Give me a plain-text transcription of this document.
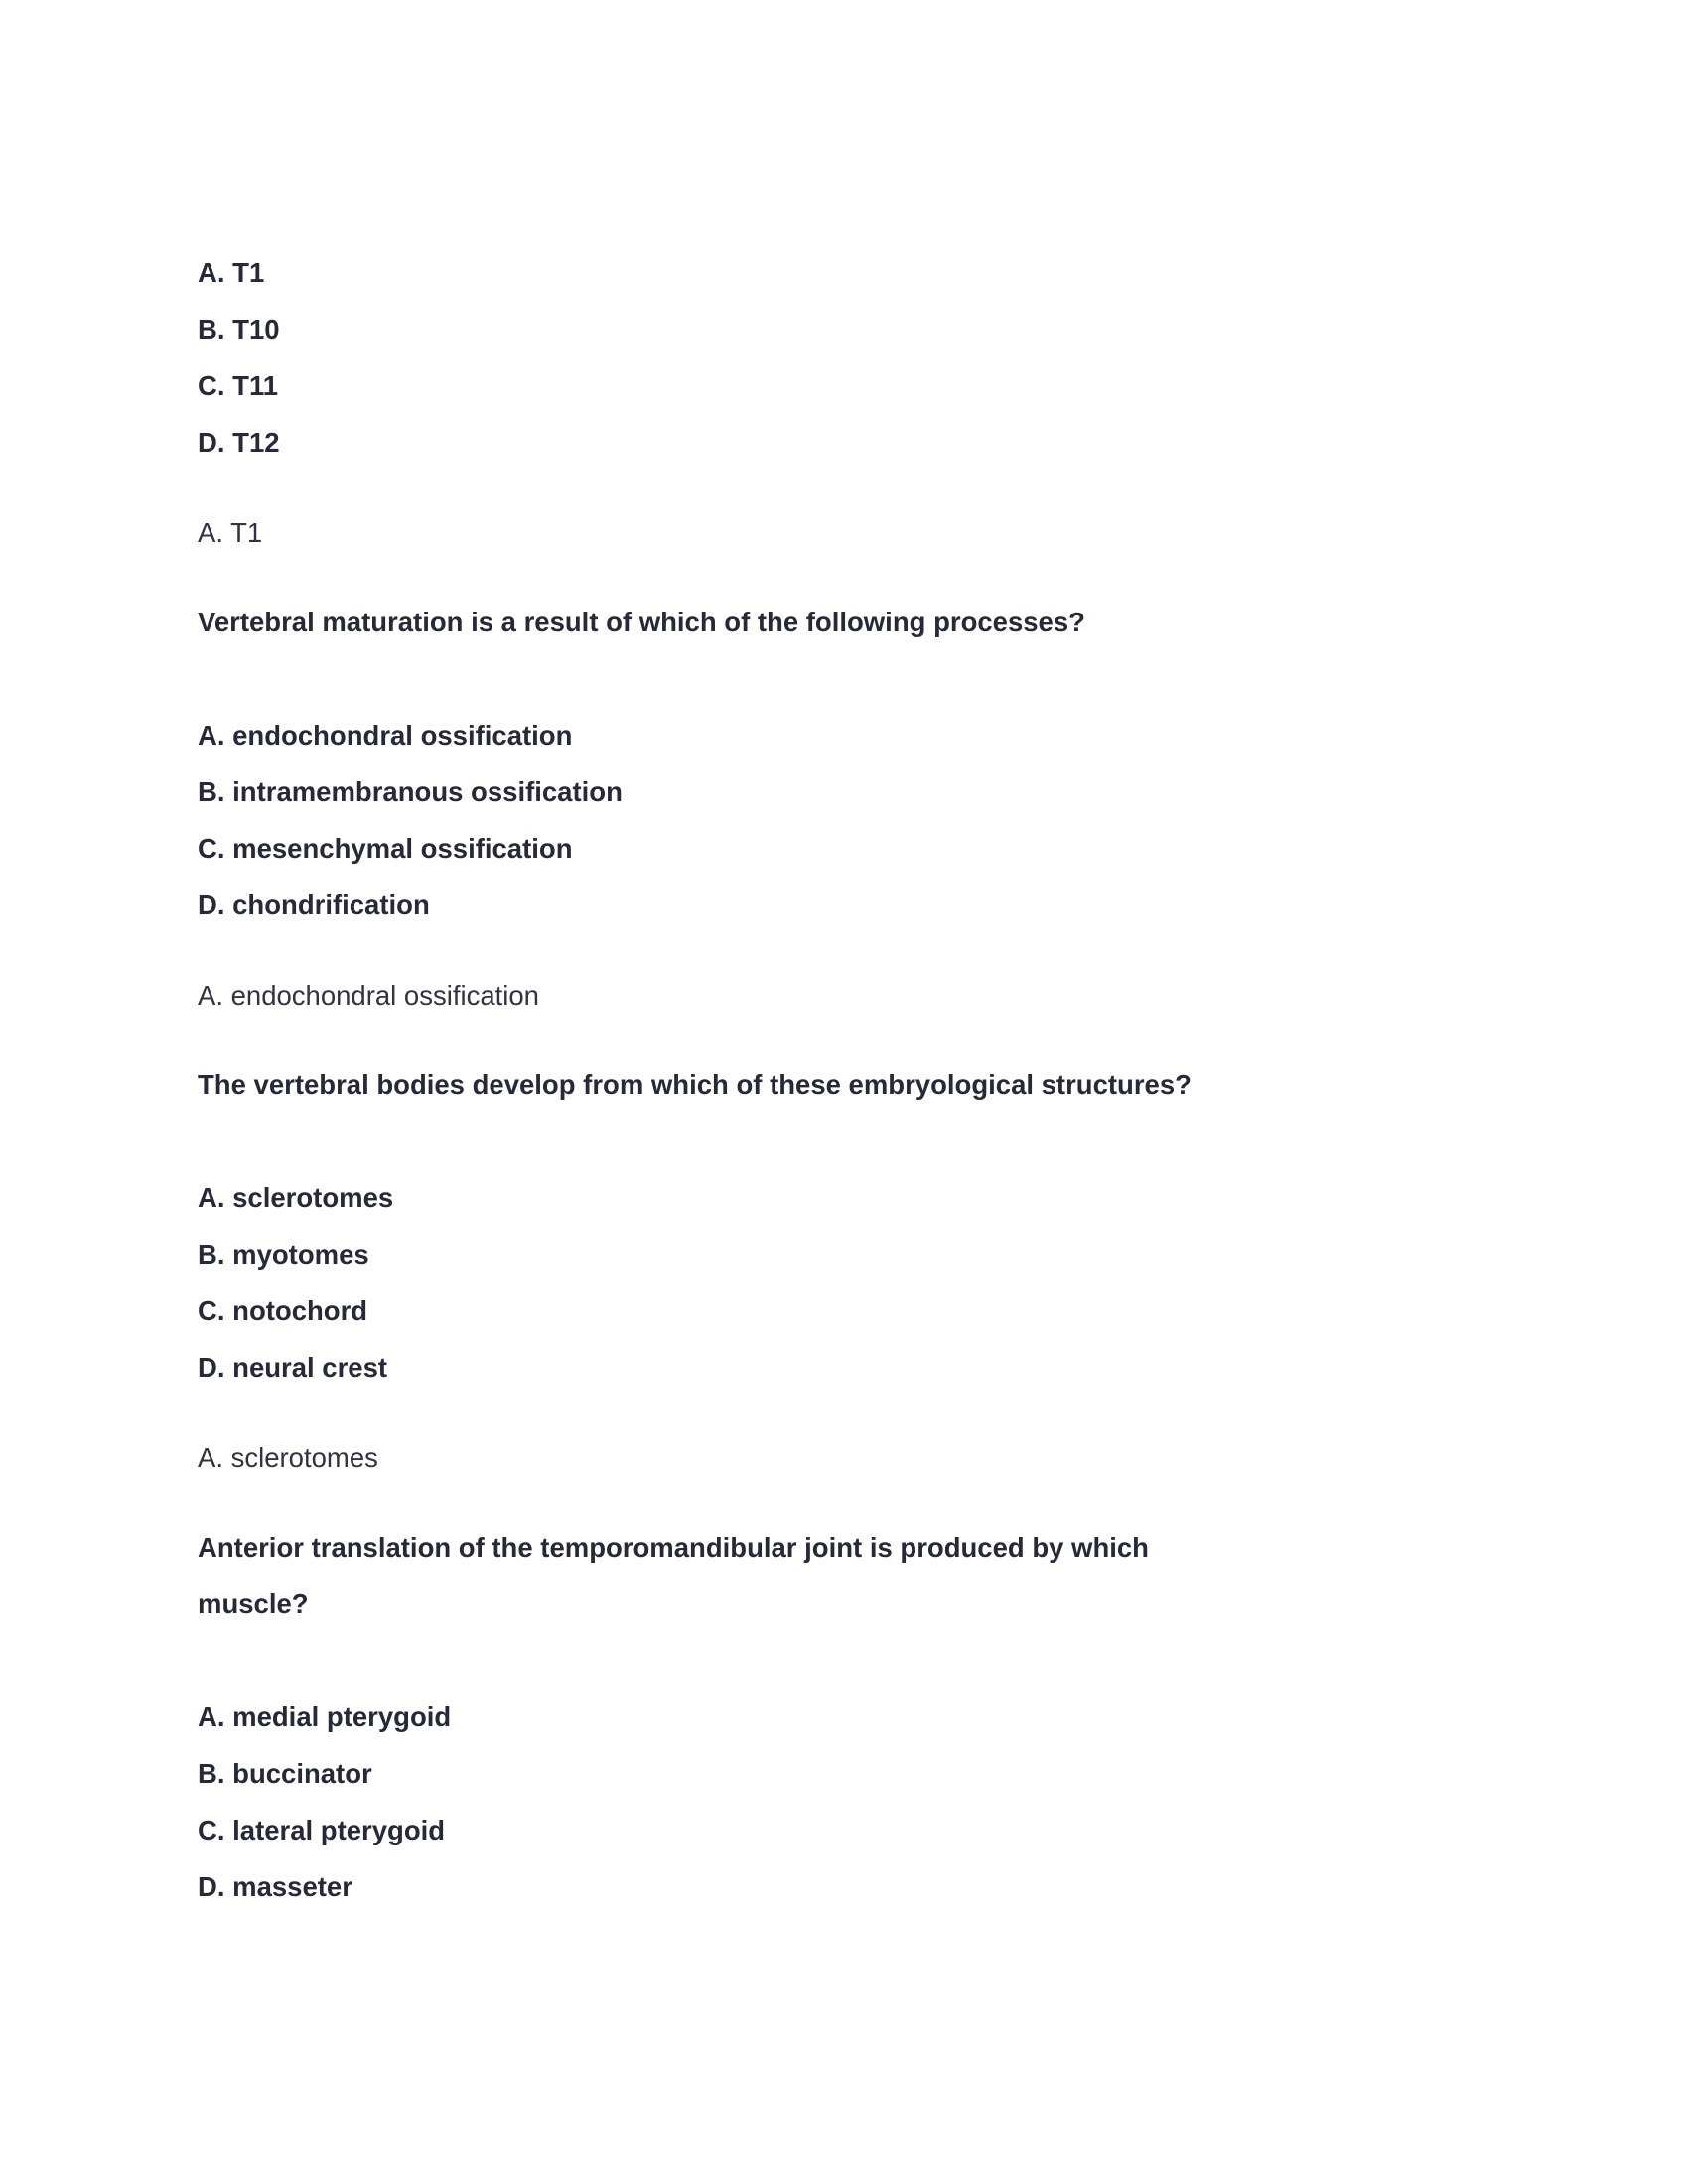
A. T1

B. T10

C. T11

D. T12

A. T1

Vertebral maturation is a result of which of the following processes?

A. endochondral ossification

B. intramembranous ossification

C. mesenchymal ossification

D. chondrification

A. endochondral ossification

The vertebral bodies develop from which of these embryological structures?

A. sclerotomes

B. myotomes

C. notochord

D. neural crest

A. sclerotomes

Anterior translation of the temporomandibular joint is produced by which

muscle?

A. medial pterygoid

B. buccinator

C. lateral pterygoid

D. masseter
